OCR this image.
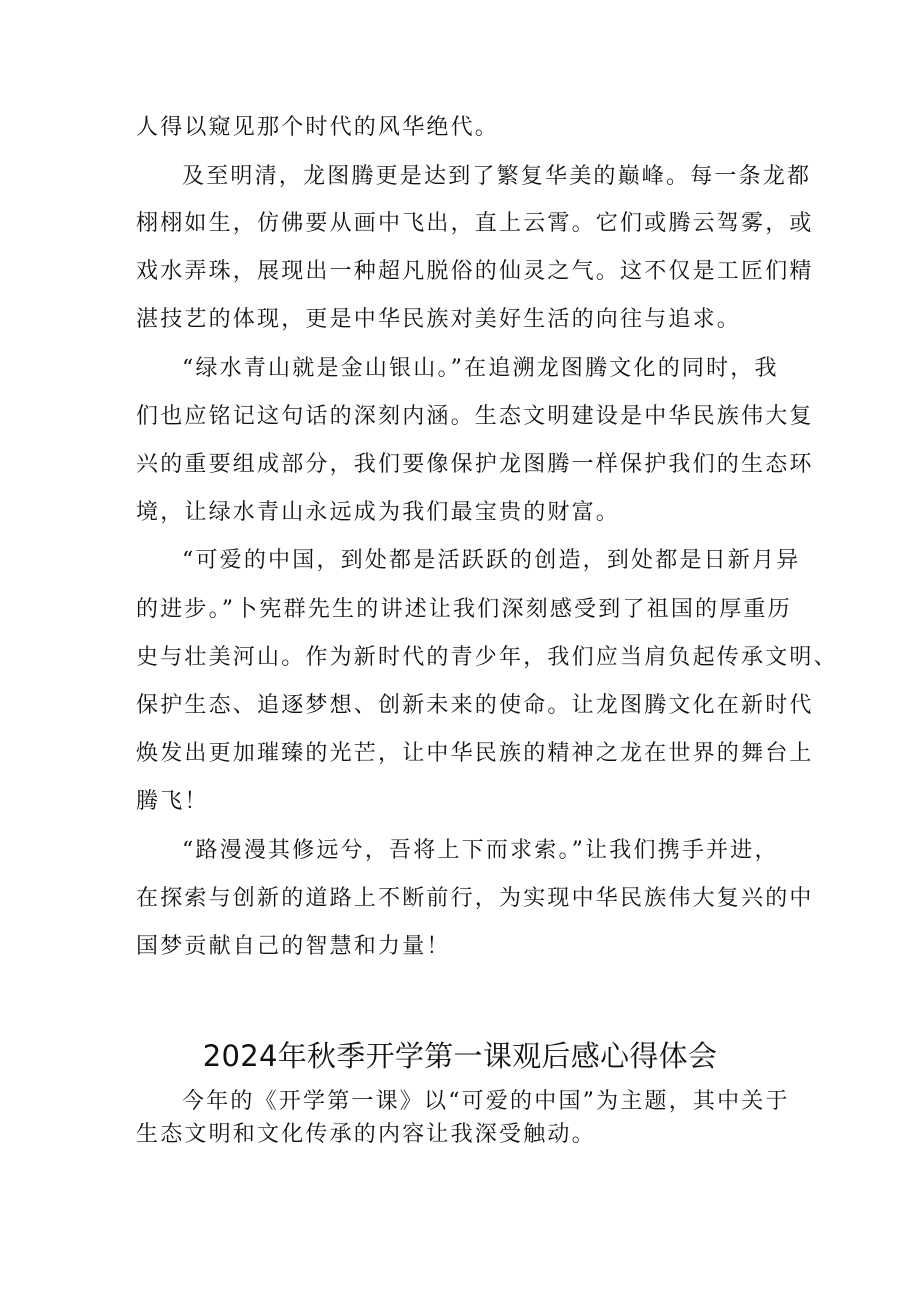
人得以窥见那个时代的风华绝代。
及至明清，龙图腾更是达到了繁复华美的巅峰。每一条龙都
栩栩如生，仿佛要从画中飞出，直上云霄。它们或腾云驾雾，或
戏水弄珠，展现出一种超凡脱俗的仙灵之气。这不仅是工匠们精
湛技艺的体现，更是中华民族对美好生活的向往与追求。
“绿水青山就是金山银山。”在追溯龙图腾文化的同时，我
们也应铭记这句话的深刻内涵。生态文明建设是中华民族伟大复
兴的重要组成部分，我们要像保护龙图腾一样保护我们的生态环
境，让绿水青山永远成为我们最宝贵的财富。
“可爱的中国，到处都是活跃跃的创造，到处都是日新月异
的进步。”卜宪群先生的讲述让我们深刻感受到了祖国的厚重历
史与壮美河山。作为新时代的青少年，我们应当肩负起传承文明、
保护生态、追逐梦想、创新未来的使命。让龙图腾文化在新时代
焕发出更加璀臻的光芒，让中华民族的精神之龙在世界的舞台上
腾飞！
“路漫漫其修远兮，吾将上下而求索。”让我们携手并进，
在探索与创新的道路上不断前行，为实现中华民族伟大复兴的中
国梦贡献自己的智慧和力量！
2024年秋季开学第一课观后感心得体会
今年的《开学第一课》以“可爱的中国”为主题，其中关于
生态文明和文化传承的内容让我深受触动。
